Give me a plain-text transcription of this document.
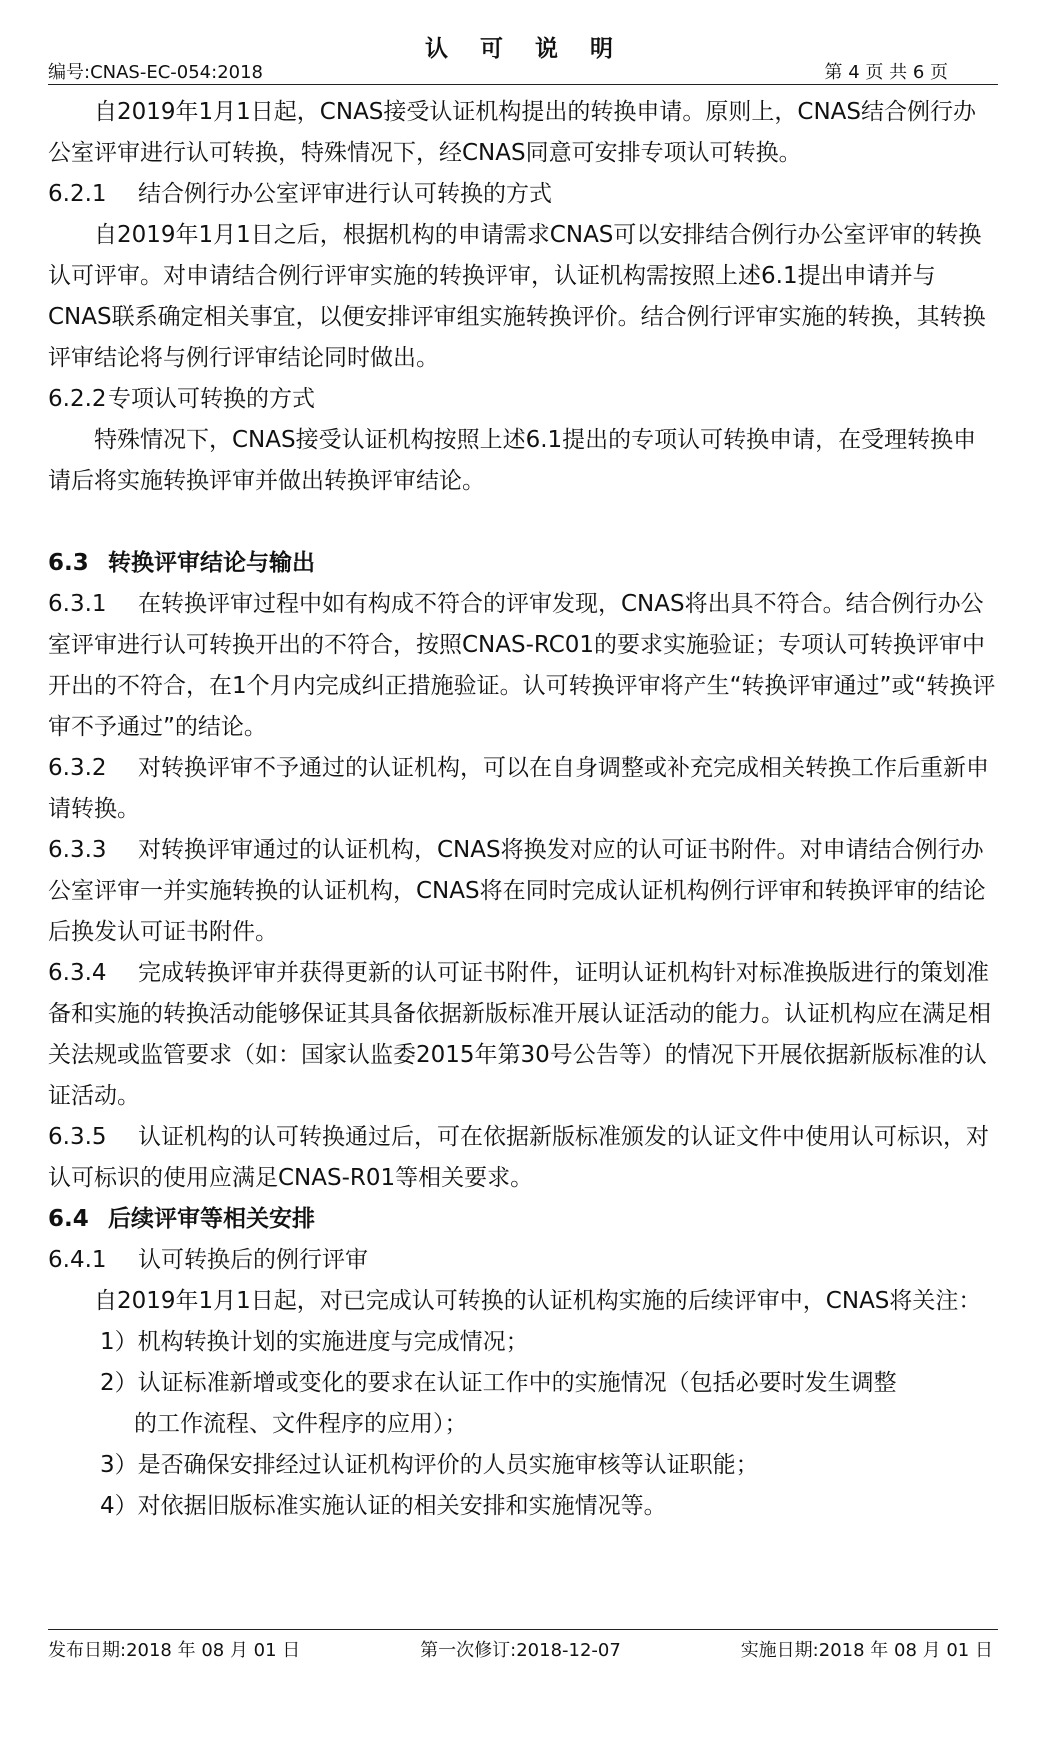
认 可 说 明
编号:CNAS-EC-054:2018	第 4 页 共 6 页

自2019年1月1日起，CNAS接受认证机构提出的转换申请。原则上，CNAS结合例行办公室评审进行认可转换，特殊情况下，经CNAS同意可安排专项认可转换。

6.2.1 结合例行办公室评审进行认可转换的方式

自2019年1月1日之后，根据机构的申请需求CNAS可以安排结合例行办公室评审的转换认可评审。对申请结合例行评审实施的转换评审，认证机构需按照上述6.1提出申请并与CNAS联系确定相关事宜，以便安排评审组实施转换评价。结合例行评审实施的转换，其转换评审结论将与例行评审结论同时做出。

6.2.2专项认可转换的方式

特殊情况下，CNAS接受认证机构按照上述6.1提出的专项认可转换申请，在受理转换申请后将实施转换评审并做出转换评审结论。

6.3 转换评审结论与输出

6.3.1 在转换评审过程中如有构成不符合的评审发现，CNAS将出具不符合。结合例行办公室评审进行认可转换开出的不符合，按照CNAS-RC01的要求实施验证；专项认可转换评审中开出的不符合，在1个月内完成纠正措施验证。认可转换评审将产生“转换评审通过”或“转换评审不予通过”的结论。

6.3.2 对转换评审不予通过的认证机构，可以在自身调整或补充完成相关转换工作后重新申请转换。

6.3.3 对转换评审通过的认证机构，CNAS将换发对应的认可证书附件。对申请结合例行办公室评审一并实施转换的认证机构，CNAS将在同时完成认证机构例行评审和转换评审的结论后换发认可证书附件。

6.3.4 完成转换评审并获得更新的认可证书附件，证明认证机构针对标准换版进行的策划准备和实施的转换活动能够保证其具备依据新版标准开展认证活动的能力。认证机构应在满足相关法规或监管要求（如：国家认监委2015年第30号公告等）的情况下开展依据新版标准的认证活动。

6.3.5 认证机构的认可转换通过后，可在依据新版标准颁发的认证文件中使用认可标识，对认可标识的使用应满足CNAS-R01等相关要求。

6.4 后续评审等相关安排

6.4.1 认可转换后的例行评审

自2019年1月1日起，对已完成认可转换的认证机构实施的后续评审中，CNAS将关注：

1）机构转换计划的实施进度与完成情况；

2）认证标准新增或变化的要求在认证工作中的实施情况（包括必要时发生调整
的工作流程、文件程序的应用）；

3）是否确保安排经过认证机构评价的人员实施审核等认证职能；

4）对依据旧版标准实施认证的相关安排和实施情况等。

发布日期:2018 年 08 月 01 日	第一次修订:2018-12-07	实施日期:2018 年 08 月 01 日
